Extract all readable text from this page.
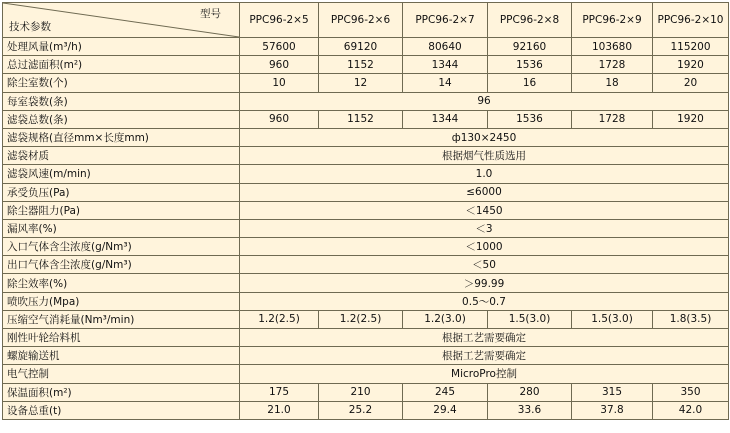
型号
技术参数	PPC96-2×5	PPC96-2×6	PPC96-2×7	PPC96-2×8	PPC96-2×9	PPC96-2×10
处理风量(m³/h)	57600	69120	80640	92160	103680	115200
总过滤面积(m²)	960	1152	1344	1536	1728	1920
除尘室数(个)	10	12	14	16	18	20
每室袋数(条)	96					
滤袋总数(条)	960	1152	1344	1536	1728	1920
滤袋规格(直径mm×长度mm)	ф130×2450					
滤袋材质	根据烟气性质选用					
滤袋风速(m/min)	1.0					
承受负压(Pa)	≤6000					
除尘器阻力(Pa)	＜1450					
漏风率(%)	＜3					
入口气体含尘浓度(g/Nm³)	＜1000					
出口气体含尘浓度(g/Nm³)	＜50					
除尘效率(%)	＞99.99					
喷吹压力(Mpa)	0.5～0.7					
压缩空气消耗量(Nm³/min)	1.2(2.5)	1.2(2.5)	1.2(3.0)	1.5(3.0)	1.5(3.0)	1.8(3.5)
刚性叶轮给料机	根据工艺需要确定					
螺旋输送机	根据工艺需要确定					
电气控制	MicroPro控制					
保温面积(m²)	175	210	245	280	315	350
设备总重(t)	21.0	25.2	29.4	33.6	37.8	42.0
